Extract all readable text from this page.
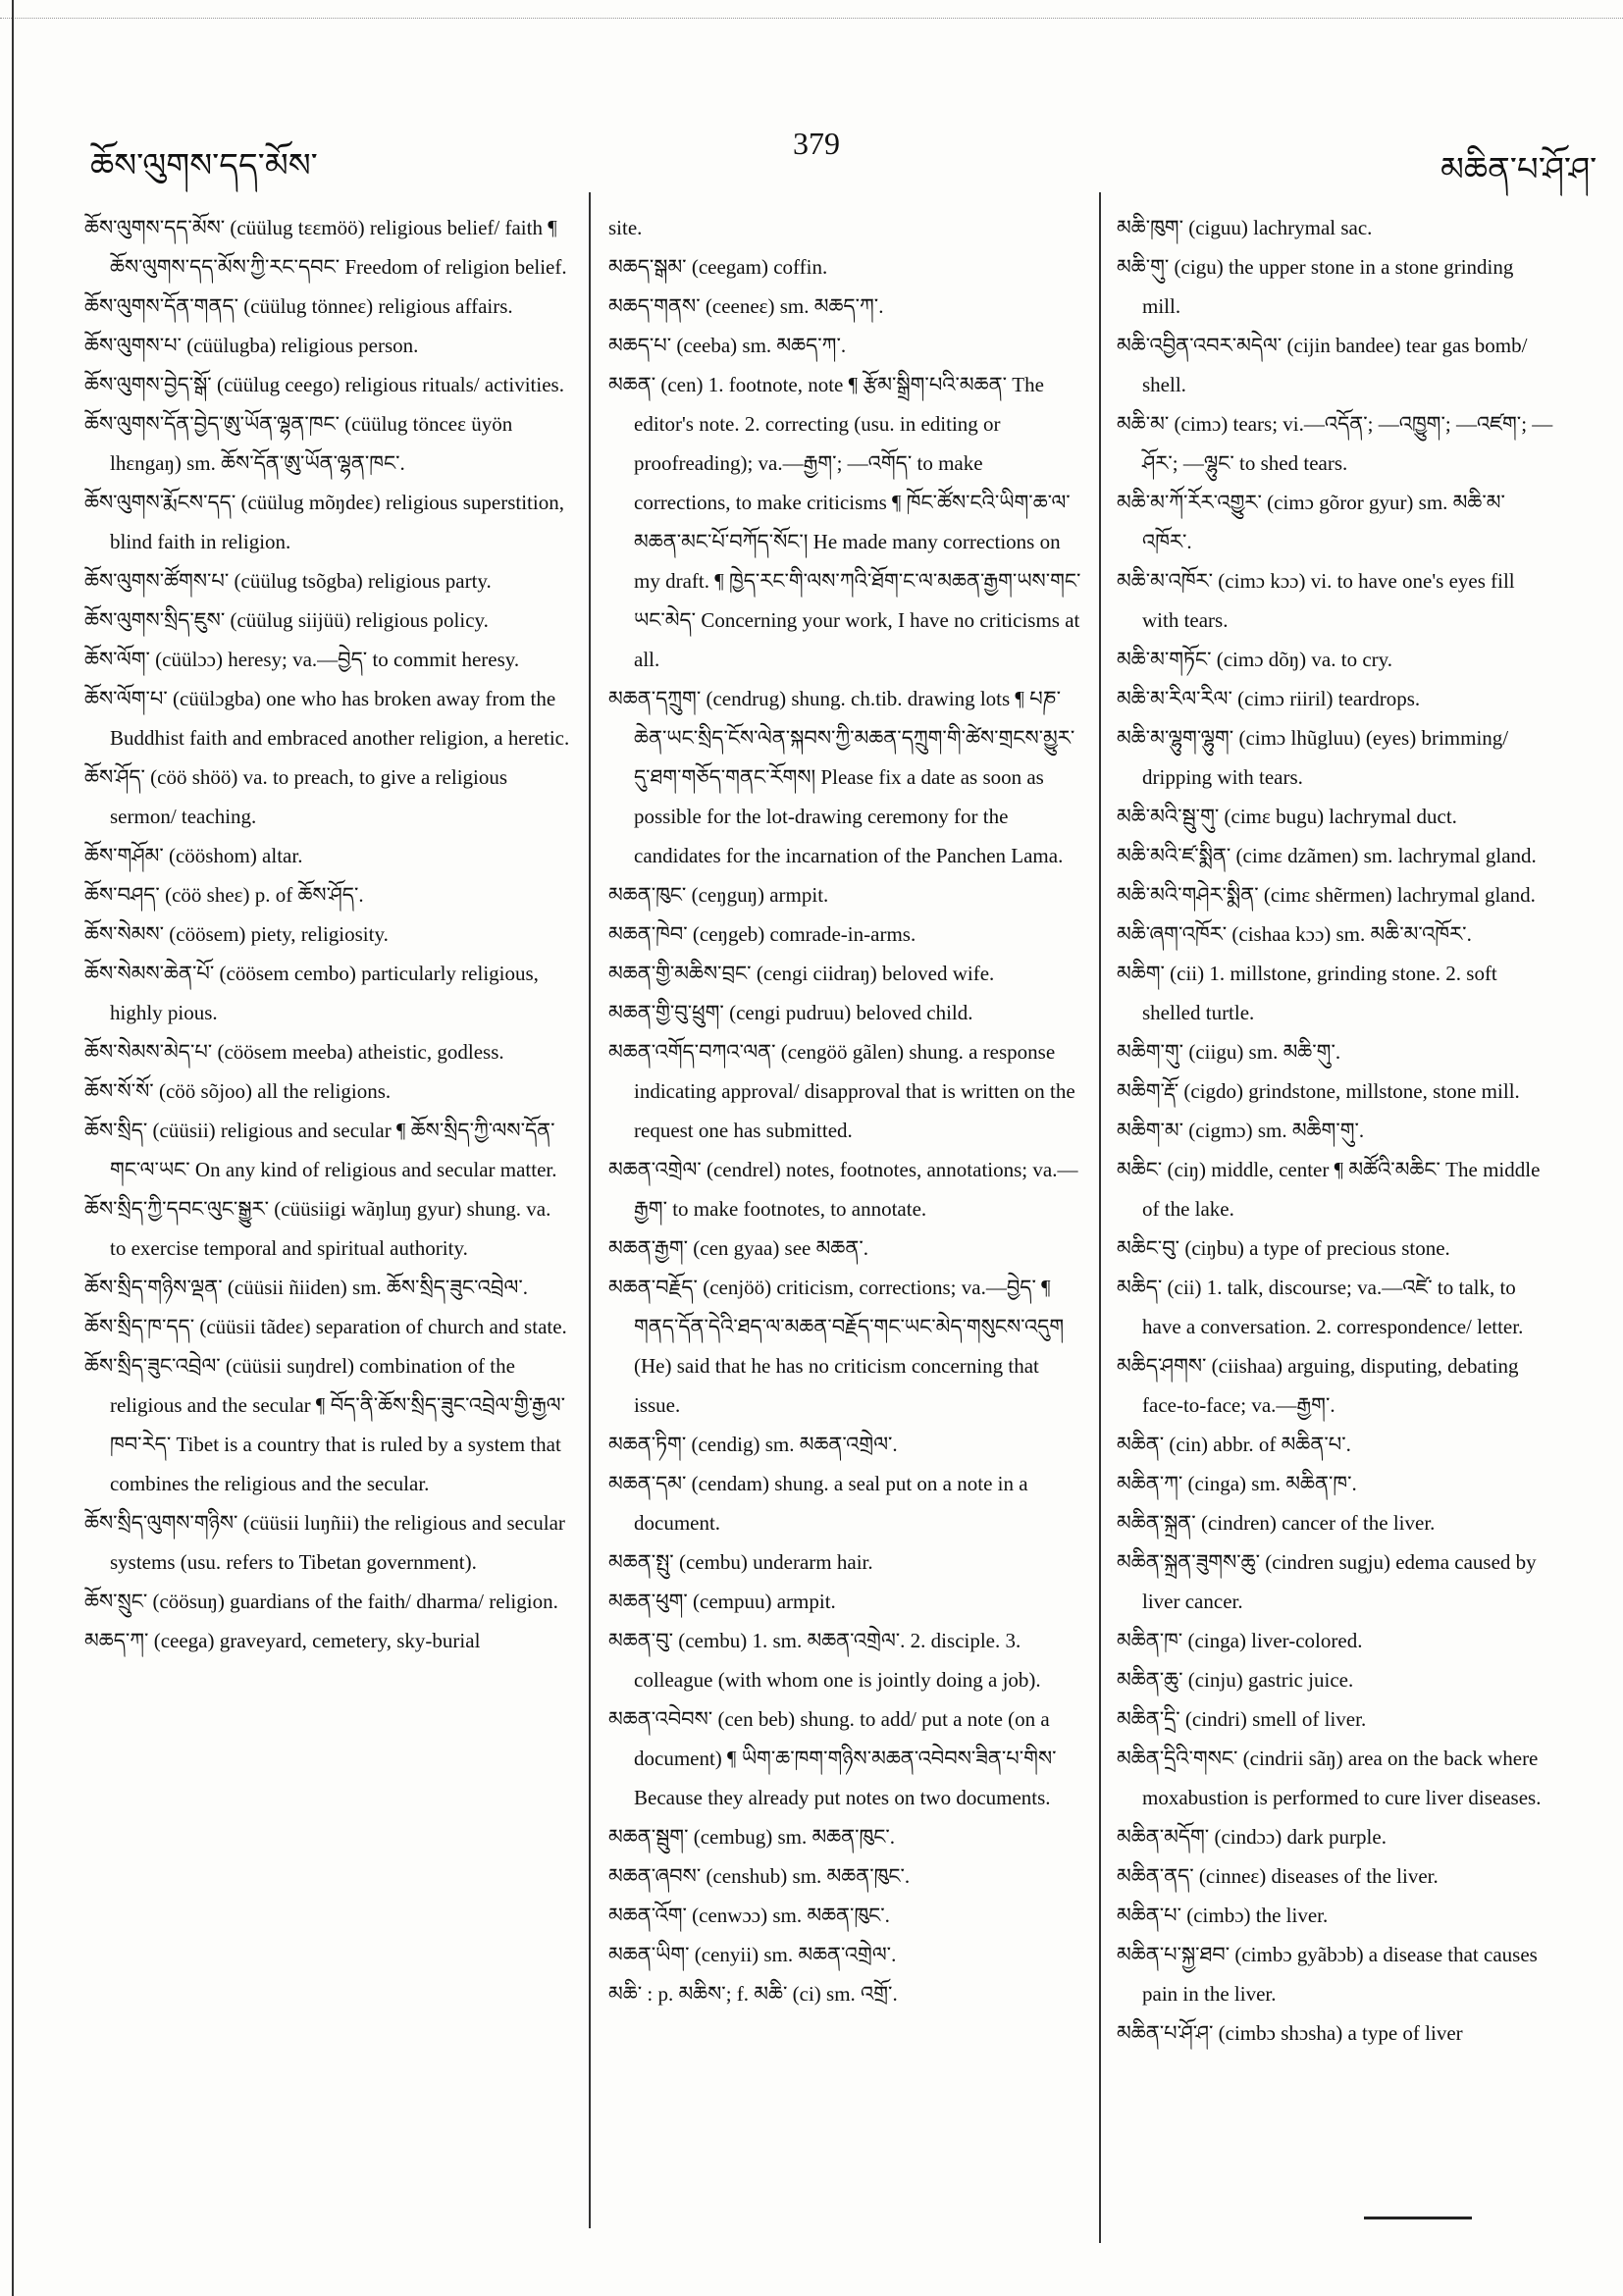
ཆོས་ལུགས་དད་མོས་
379
མཆིན་པ་ཤོ་ཤ་

ཆོས་ལུགས་དད་མོས་ (cüülug tɛɛmöö) religious belief/ faith ¶ ཆོས་ལུགས་དད་མོས་ཀྱི་རང་དབང་ Freedom of religion belief.

ཆོས་ལུགས་དོན་གནད་ (cüülug tönneɛ) religious affairs.

ཆོས་ལུགས་པ་ (cüülugba) religious person.

ཆོས་ལུགས་བྱེད་སྒོ་ (cüülug ceego) religious rituals/ activities.

ཆོས་ལུགས་དོན་བྱེད་ཨུ་ཡོན་ལྷན་ཁང་ (cüülug tönceɛ üyön lhɛngaŋ) sm. ཆོས་དོན་ཨུ་ཡོན་ལྷན་ཁང་.

ཆོས་ལུགས་རྨོངས་དད་ (cüülug mõŋdeɛ) religious superstition, blind faith in religion.

ཆོས་ལུགས་ཚོགས་པ་ (cüülug tsõgba) religious party.

ཆོས་ལུགས་སྲིད་ཇུས་ (cüülug siijüü) religious policy.

ཆོས་ལོག་ (cüülɔɔ) heresy; va.—བྱེད་ to commit heresy.

ཆོས་ལོག་པ་ (cüülɔgba) one who has broken away from the Buddhist faith and embraced another religion, a heretic.

ཆོས་ཤོད་ (cöö shöö) va. to preach, to give a religious sermon/ teaching.

ཆོས་གཤོམ་ (cööshom) altar.

ཆོས་བཤད་ (cöö sheɛ) p. of ཆོས་ཤོད་.

ཆོས་སེམས་ (cöösem) piety, religiosity.

ཆོས་སེམས་ཆེན་པོ་ (cöösem cembo) particularly religious, highly pious.

ཆོས་སེམས་མེད་པ་ (cöösem meeba) atheistic, godless.

ཆོས་སོ་སོ་ (cöö sõjoo) all the religions.

ཆོས་སྲིད་ (cüüsii) religious and secular ¶ ཆོས་སྲིད་ཀྱི་ལས་དོན་གང་ལ་ཡང་ On any kind of religious and secular matter.

ཆོས་སྲིད་ཀྱི་དབང་ལུང་སྒྱུར་ (cüüsiigi wãŋluŋ gyur) shung. va. to exercise temporal and spiritual authority.

ཆོས་སྲིད་གཉིས་ལྡན་ (cüüsii ñiiden) sm. ཆོས་སྲིད་ཟུང་འབྲེལ་.

ཆོས་སྲིད་ཁ་དད་ (cüüsii tãdeɛ) separation of church and state.

ཆོས་སྲིད་ཟུང་འབྲེལ་ (cüüsii suŋdrel) combination of the religious and the secular ¶ བོད་ནི་ཆོས་སྲིད་ཟུང་འབྲེལ་གྱི་རྒྱལ་ཁབ་རེད་ Tibet is a country that is ruled by a system that combines the religious and the secular.

ཆོས་སྲིད་ལུགས་གཉིས་ (cüüsii luŋñii) the religious and secular systems (usu. refers to Tibetan government).

ཆོས་སྲུང་ (cöösuŋ) guardians of the faith/ dharma/ religion.

མཆད་ཀ་ (ceega) graveyard, cemetery, sky-burial

site.

མཆད་སྒམ་ (ceegam) coffin.

མཆད་གནས་ (ceeneɛ) sm. མཆད་ཀ་.

མཆད་པ་ (ceeba) sm. མཆད་ཀ་.

མཆན་ (cen) 1. footnote, note ¶ རྩོམ་སྒྲིག་པའི་མཆན་ The editor's note. 2. correcting (usu. in editing or proofreading); va.—རྒྱག་; —འགོད་ to make corrections, to make criticisms ¶ ཁོང་ཚོས་ངའི་ཡིག་ཆ་ལ་མཆན་མང་པོ་བཀོད་སོང་། He made many corrections on my draft. ¶ ཁྱེད་རང་གི་ལས་ཀའི་ཐོག་ང་ལ་མཆན་རྒྱག་ཡས་གང་ཡང་མེད་ Concerning your work, I have no criticisms at all.

མཆན་དཀྲུག་ (cendrug) shung. ch.tib. drawing lots ¶ པཎ་ཆེན་ཡང་སྲིད་ངོས་ལེན་སྐབས་ཀྱི་མཆན་དཀྲུག་གི་ཚེས་གྲངས་མྱུར་དུ་ཐག་གཅོད་གནང་རོགས། Please fix a date as soon as possible for the lot-drawing ceremony for the candidates for the incarnation of the Panchen Lama.

མཆན་ཁུང་ (ceŋguŋ) armpit.

མཆན་ཁེབ་ (ceŋgeb) comrade-in-arms.

མཆན་གྱི་མཆིས་བྲང་ (cengi ciidraŋ) beloved wife.

མཆན་གྱི་བུ་ཕྲུག་ (cengi pudruu) beloved child.

མཆན་འགོད་བཀའ་ལན་ (cengöö gãlen) shung. a response indicating approval/ disapproval that is written on the request one has submitted.

མཆན་འགྲེལ་ (cendrel) notes, footnotes, annotations; va.—རྒྱག་ to make footnotes, to annotate.

མཆན་རྒྱག་ (cen gyaa) see མཆན་.

མཆན་བརྗོད་ (cenjöö) criticism, corrections; va.—བྱེད་ ¶ གནད་དོན་དེའི་ཐད་ལ་མཆན་བརྗོད་གང་ཡང་མེད་གསུངས་འདུག (He) said that he has no criticism concerning that issue.

མཆན་ཏིག་ (cendig) sm. མཆན་འགྲེལ་.

མཆན་དམ་ (cendam) shung. a seal put on a note in a document.

མཆན་སྤུ་ (cembu) underarm hair.

མཆན་ཕུག་ (cempuu) armpit.

མཆན་བུ་ (cembu) 1. sm. མཆན་འགྲེལ་. 2. disciple. 3. colleague (with whom one is jointly doing a job).

མཆན་འབེབས་ (cen beb) shung. to add/ put a note (on a document) ¶ ཡིག་ཆ་ཁག་གཉིས་མཆན་འབེབས་ཟིན་པ་གིས་ Because they already put notes on two documents.

མཆན་སྦུག་ (cembug) sm. མཆན་ཁུང་.

མཆན་ཞབས་ (censhub) sm. མཆན་ཁུང་.

མཆན་འོག་ (cenwɔɔ) sm. མཆན་ཁུང་.

མཆན་ཡིག་ (cenyii) sm. མཆན་འགྲེལ་.

མཆི་ : p. མཆིས་; f. མཆི་ (ci) sm. འགྲོ་.

མཆི་ཁུག་ (ciguu) lachrymal sac.

མཆི་གུ་ (cigu) the upper stone in a stone grinding mill.

མཆི་འབྱིན་འབར་མདེལ་ (cijin bandee) tear gas bomb/ shell.

མཆི་མ་ (cimɔ) tears; vi.—འདོན་; —འཁྱུག་; —འཛག་; —ཤོར་; —ལྷུང་ to shed tears.

མཆི་མ་ཀོ་རོར་འགྱུར་ (cimɔ gõror gyur) sm. མཆི་མ་འཁོར་.

མཆི་མ་འཁོར་ (cimɔ kɔɔ) vi. to have one's eyes fill with tears.

མཆི་མ་གཏོང་ (cimɔ dõŋ) va. to cry.

མཆི་མ་རིལ་རིལ་ (cimɔ riiril) teardrops.

མཆི་མ་ལྷུག་ལྷུག་ (cimɔ lhũgluu) (eyes) brimming/ dripping with tears.

མཆི་མའི་སྦུ་གུ་ (cimɛ bugu) lachrymal duct.

མཆི་མའི་ཛ་སྨིན་ (cimɛ dzãmen) sm. lachrymal gland.

མཆི་མའི་གཤེར་སྨིན་ (cimɛ shẽrmen) lachrymal gland.

མཆི་ཞག་འཁོར་ (cishaa kɔɔ) sm. མཆི་མ་འཁོར་.

མཆིག་ (cii) 1. millstone, grinding stone. 2. soft shelled turtle.

མཆིག་གུ་ (ciigu) sm. མཆི་གུ་.

མཆིག་རྡོ་ (cigdo) grindstone, millstone, stone mill.

མཆིག་མ་ (cigmɔ) sm. མཆིག་གུ་.

མཆིང་ (ciŋ) middle, center ¶ མཚོའི་མཆིང་ The middle of the lake.

མཆིང་བུ་ (ciŋbu) a type of precious stone.

མཆིད་ (cii) 1. talk, discourse; va.—འཛེ་ to talk, to have a conversation. 2. correspondence/ letter.

མཆིད་ཤགས་ (ciishaa) arguing, disputing, debating face-to-face; va.—རྒྱག་.

མཆིན་ (cin) abbr. of མཆིན་པ་.

མཆིན་ཀ་ (cinga) sm. མཆིན་ཁ་.

མཆིན་སྐྲན་ (cindren) cancer of the liver.

མཆིན་སྐྲན་ཟུགས་ཆུ་ (cindren sugju) edema caused by liver cancer.

མཆིན་ཁ་ (cinga) liver-colored.

མཆིན་ཆུ་ (cinju) gastric juice.

མཆིན་དྲི་ (cindri) smell of liver.

མཆིན་དྲིའི་གསང་ (cindrii sãŋ) area on the back where moxabustion is performed to cure liver diseases.

མཆིན་མདོག་ (cindɔɔ) dark purple.

མཆིན་ནད་ (cinneɛ) diseases of the liver.

མཆིན་པ་ (cimbɔ) the liver.

མཆིན་པ་སྐྱ་ཐབ་ (cimbɔ gyãbɔb) a disease that causes pain in the liver.

མཆིན་པ་ཤོ་ཤ་ (cimbɔ shɔsha) a type of liver
